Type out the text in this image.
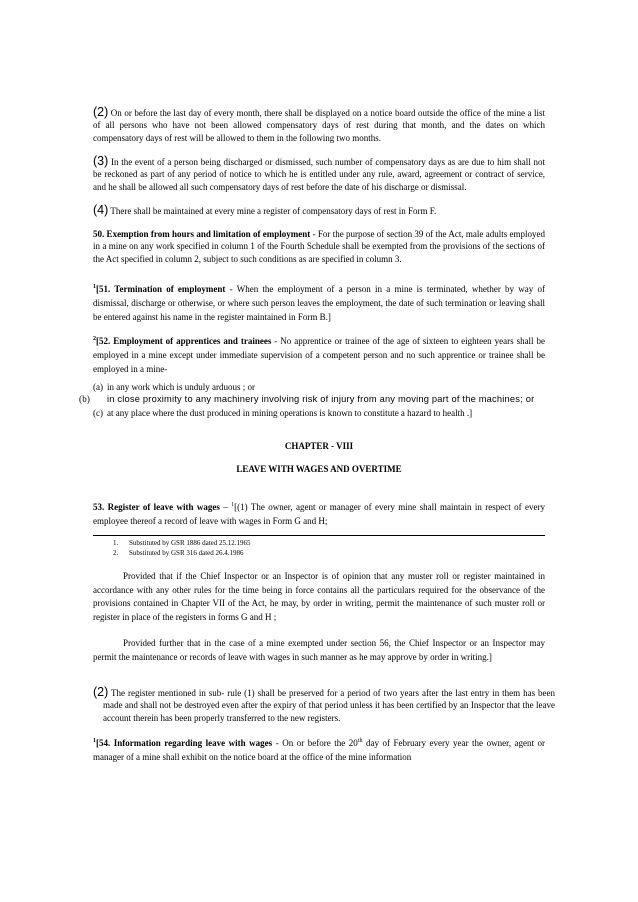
(2) On or before the last day of every month, there shall be displayed on a notice board outside the office of the mine a list of all persons who have not been allowed compensatory days of rest during that month, and the dates on which compensatory days of rest will be allowed to them in the following two months.

(3) In the event of a person being discharged or dismissed, such number of compensatory days as are due to him shall not be reckoned as part of any period of notice to which he is entitled under any rule, award, agreement or contract of service, and he shall be allowed all such compensatory days of rest before the date of his discharge or dismissal.

(4) There shall be maintained at every mine a register of compensatory days of rest in Form F.

50. Exemption from hours and limitation of employment - For the purpose of section 39 of the Act, male adults employed in a mine on any work specified in column 1 of the Fourth Schedule shall be exempted from the provisions of the sections of the Act specified in column 2, subject to such conditions as are specified in column 3.

$^1$[51. Termination of employment - When the employment of a person in a mine is terminated, whether by way of dismissal, discharge or otherwise, or where such person leaves the employment, the date of such termination or leaving shall be entered against his name in the register maintained in Form B.]

$^2$[52. Employment of apprentices and trainees - No apprentice or trainee of the age of sixteen to eighteen years shall be employed in a mine except under immediate supervision of a competent person and no such apprentice or trainee shall be employed in a mine-

(a) in any work which is unduly arduous ; or
(b) in close proximity to any machinery involving risk of injury from any moving part of the machines; or
(c) at any place where the dust produced in mining operations is known to constitute a hazard to health .]

CHAPTER - VIII

LEAVE WITH WAGES AND OVERTIME

53. Register of leave with wages – $^1$[(1) The owner, agent or manager of every mine shall maintain in respect of every employee thereof a record of leave with wages in Form G and H;

1. Substituted by GSR 1886 dated 25.12.1965
2. Substituted by GSR 316 dated 26.4.1986

Provided that if the Chief Inspector or an Inspector is of opinion that any muster roll or register maintained in accordance with any other rules for the time being in force contains all the particulars required for the observance of the provisions contained in Chapter VII of the Act, he may, by order in writing, permit the maintenance of such muster roll or register in place of the registers in forms G and H ;

Provided further that in the case of a mine exempted under section 56, the Chief Inspector or an Inspector may permit the maintenance or records of leave with wages in such manner as he may approve by order in writing.]

(2) The register mentioned in sub- rule (1) shall be preserved for a period of two years after the last entry in them has been made and shall not be destroyed even after the expiry of that period unless it has been certified by an Inspector that the leave account therein has been properly transferred to the new registers.

$^1$[54. Information regarding leave with wages - On or before the 20th day of February every year the owner, agent or manager of a mine shall exhibit on the notice board at the office of the mine information
